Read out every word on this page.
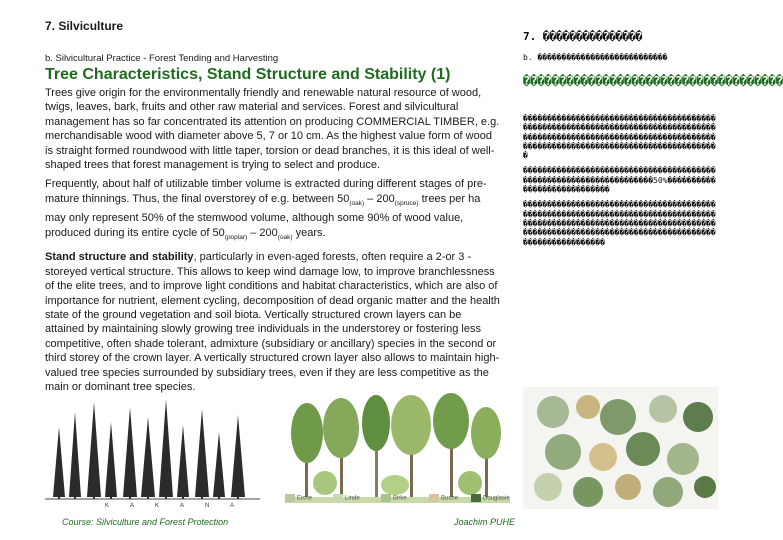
7. Silviculture
b. Silvicultural Practice - Forest Tending and Harvesting
Tree Characteristics, Stand Structure and Stability (1)

Trees give origin for the environmentally friendly and renewable natural resource of wood, twigs, leaves, bark, fruits and other raw material and services. Forest and silvicultural management has so far concentrated its attention on producing COMMERCIAL TIMBER, e.g. merchandisable wood with diameter above 5, 7 or 10 cm. As the highest value form of wood is straight formed roundwood with little taper, torsion or dead branches, it is this ideal of well-shaped trees that forest management is trying to select and produce.

Frequently, about half of utilizable timber volume is extracted during different stages of pre-mature thinnings. Thus, the final overstorey of e.g. between $50_{(oak)} - 200_{(spruce)}$ trees per ha may only represent 50% of the stemwood volume, although some 90% of wood value, produced during its entire cycle of $50_{(poplar)} - 200_{(oak)}$ years.

Stand structure and stability, particularly in even-aged forests, often require a 2-or 3 -storeyed vertical structure. This allows to keep wind damage low, to improve branchlessness of the elite trees, and to improve light conditions and habitat characteristics, which are also of importance for nutrient, element cycling, decomposition of dead organic matter and the health state of the ground vegetation and soil biota. Vertically structured crown layers can be attained by maintaining slowly growing tree individuals in the understorey or fostering less competitive, often shade tolerant, admixture (subsidiary or ancillary) species in the second or third storey of the crown layer. A vertically structured crown layer also allows to maintain high-valued tree species surrounded by subsidiary trees, even if they are less competitive as the main or dominant tree species.

7. ���������������
b. ���������������������������
������������������������������������
�����������������������������������������������������������������������������������������������������������������������������������������������������������������
�������������������������������������������������������������������50%����������������������������
���������������������������������������������������������������������������������������������������������������������������������������������������������������������������������
K	A	K	A	N	A
Eiche	Linde	Birke	Buche	Douglasie
Course: Silviculture and Forest Protection	Joachim PUHE
